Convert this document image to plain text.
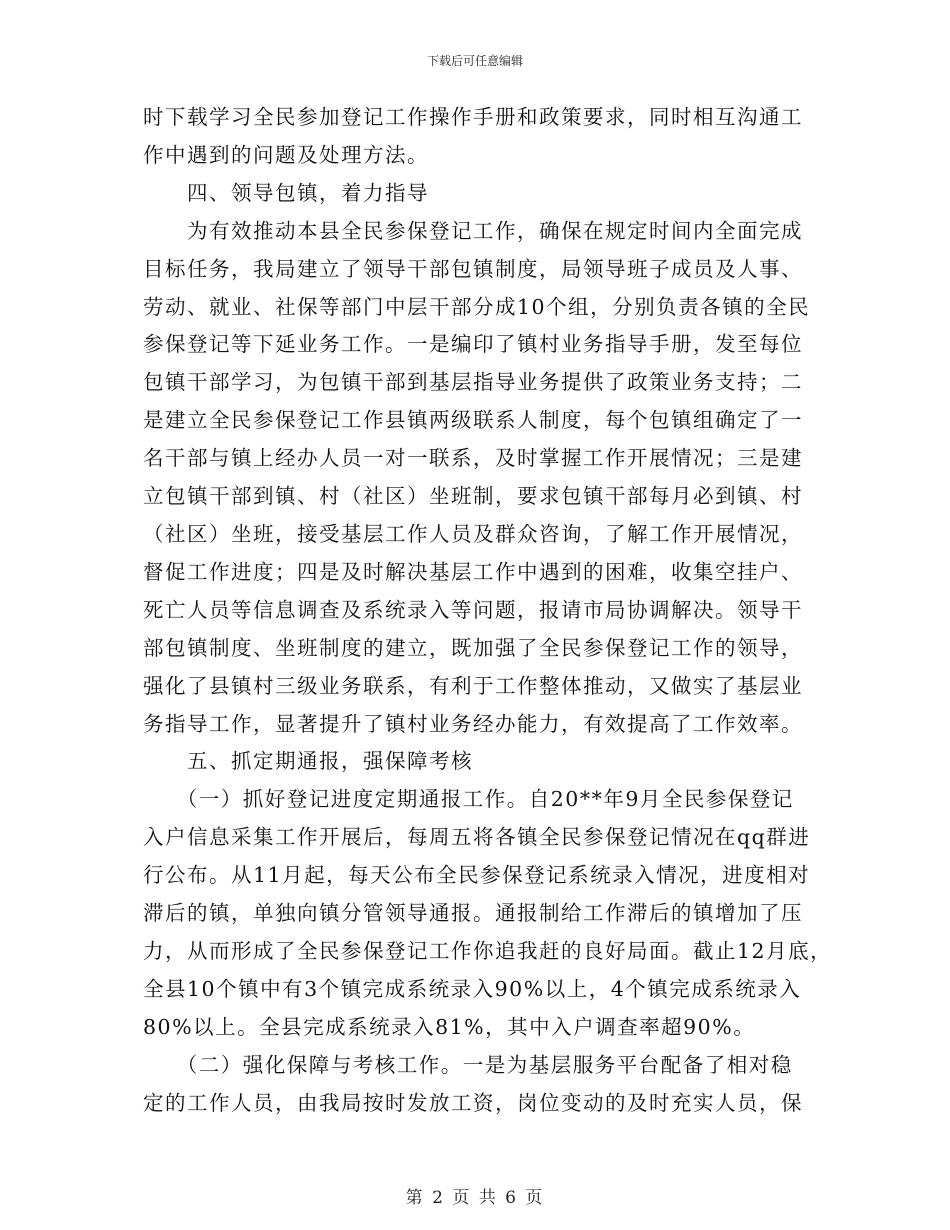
下载后可任意编辑
时下载学习全民参加登记工作操作手册和政策要求，同时相互沟通工
作中遇到的问题及处理方法。
　　四、领导包镇，着力指导
　　为有效推动本县全民参保登记工作，确保在规定时间内全面完成
目标任务，我局建立了领导干部包镇制度，局领导班子成员及人事、
劳动、就业、社保等部门中层干部分成10个组，分别负责各镇的全民
参保登记等下延业务工作。一是编印了镇村业务指导手册，发至每位
包镇干部学习，为包镇干部到基层指导业务提供了政策业务支持；二
是建立全民参保登记工作县镇两级联系人制度，每个包镇组确定了一
名干部与镇上经办人员一对一联系，及时掌握工作开展情况；三是建
立包镇干部到镇、村（社区）坐班制，要求包镇干部每月必到镇、村
（社区）坐班，接受基层工作人员及群众咨询，了解工作开展情况，
督促工作进度；四是及时解决基层工作中遇到的困难，收集空挂户、
死亡人员等信息调查及系统录入等问题，报请市局协调解决。领导干
部包镇制度、坐班制度的建立，既加强了全民参保登记工作的领导，
强化了县镇村三级业务联系，有利于工作整体推动，又做实了基层业
务指导工作，显著提升了镇村业务经办能力，有效提高了工作效率。
　　五、抓定期通报，强保障考核
　　（一）抓好登记进度定期通报工作。自20**年9月全民参保登记
入户信息采集工作开展后，每周五将各镇全民参保登记情况在qq群进
行公布。从11月起，每天公布全民参保登记系统录入情况，进度相对
滞后的镇，单独向镇分管领导通报。通报制给工作滞后的镇增加了压
力，从而形成了全民参保登记工作你追我赶的良好局面。截止12月底，
全县10个镇中有3个镇完成系统录入90%以上，4个镇完成系统录入
80%以上。全县完成系统录入81%，其中入户调查率超90%。
　　（二）强化保障与考核工作。一是为基层服务平台配备了相对稳
定的工作人员，由我局按时发放工资，岗位变动的及时充实人员，保
第 2 页 共 6 页
